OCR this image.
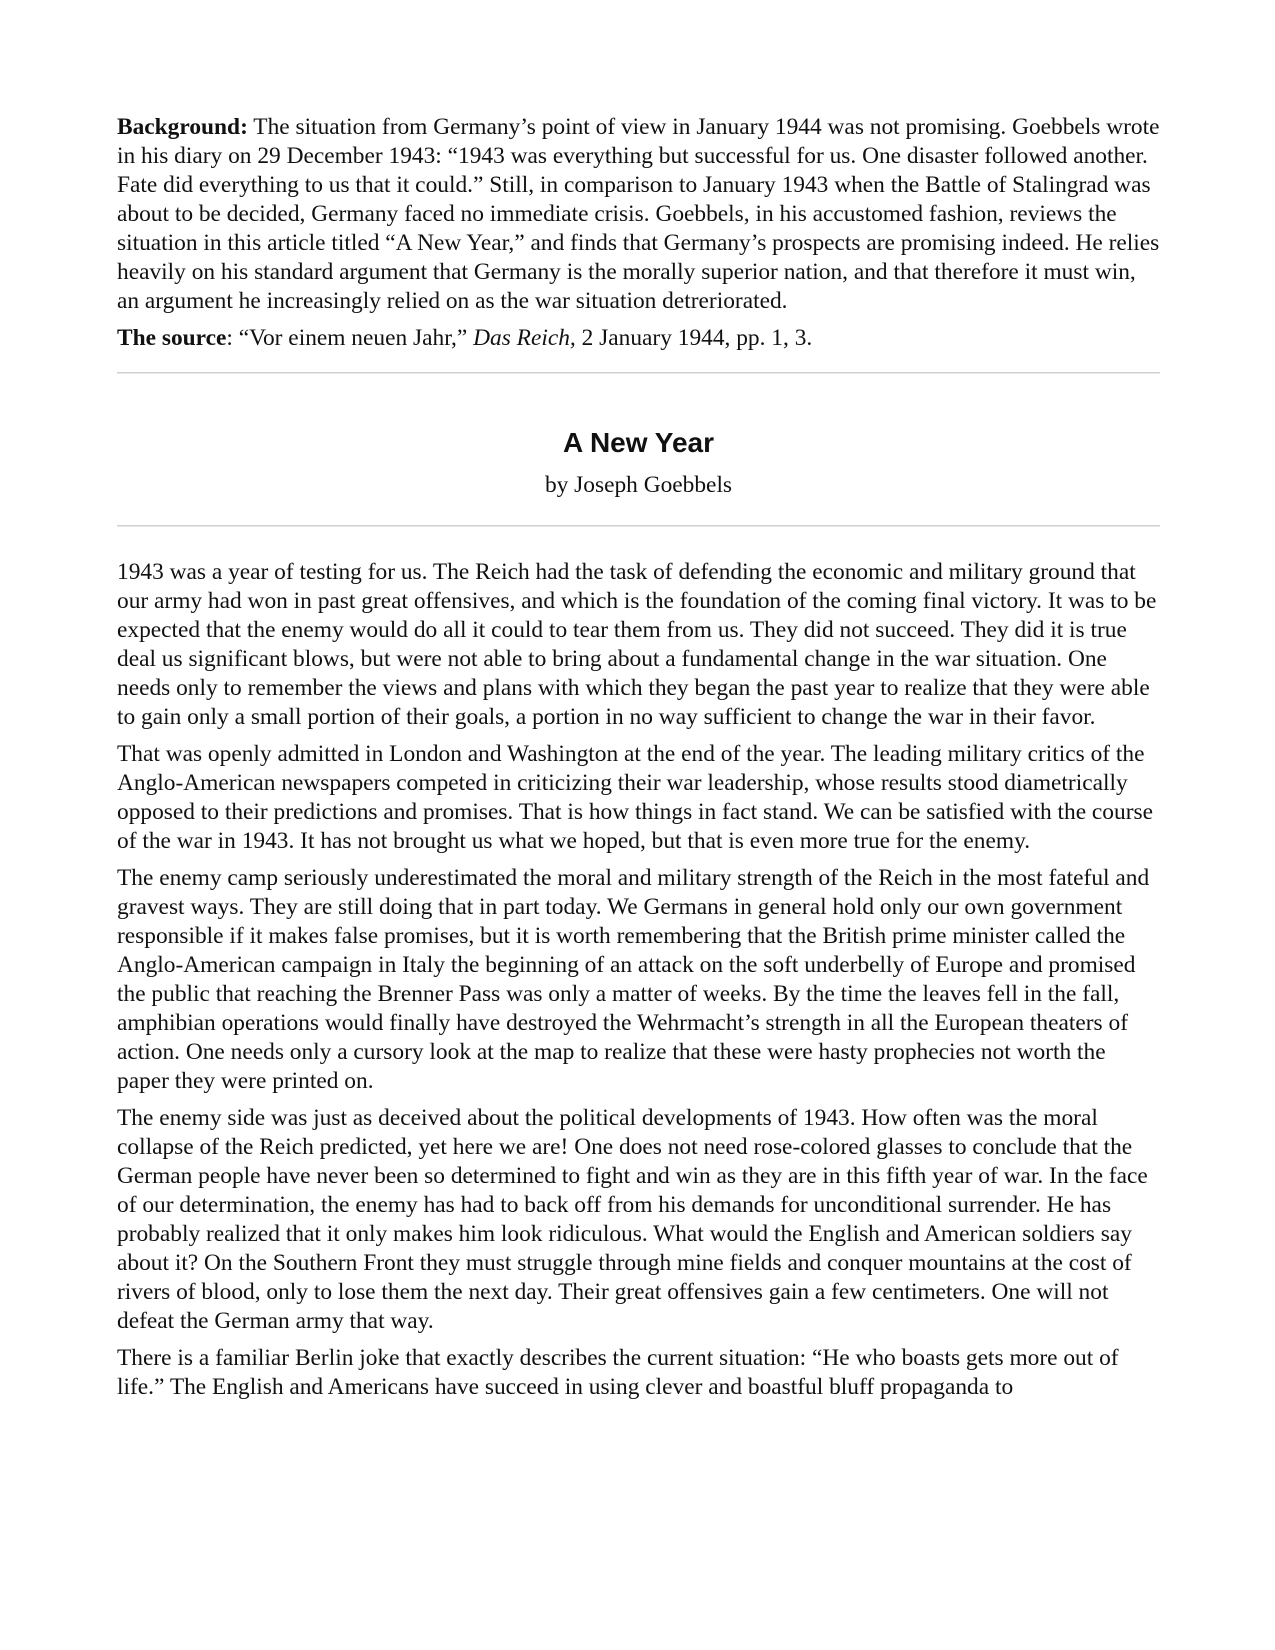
Background: The situation from Germany’s point of view in January 1944 was not promising. Goebbels wrote in his diary on 29 December 1943: “1943 was everything but successful for us. One disaster followed another. Fate did everything to us that it could.” Still, in comparison to January 1943 when the Battle of Stalingrad was about to be decided, Germany faced no immediate crisis. Goebbels, in his accustomed fashion, reviews the situation in this article titled “A New Year,” and finds that Germany’s prospects are promising indeed. He relies heavily on his standard argument that Germany is the morally superior nation, and that therefore it must win, an argument he increasingly relied on as the war situation detreriorated.

The source: “Vor einem neuen Jahr,” Das Reich, 2 January 1944, pp. 1, 3.

A New Year
by Joseph Goebbels

1943 was a year of testing for us. The Reich had the task of defending the economic and military ground that our army had won in past great offensives, and which is the foundation of the coming final victory. It was to be expected that the enemy would do all it could to tear them from us. They did not succeed. They did it is true deal us significant blows, but were not able to bring about a fundamental change in the war situation. One needs only to remember the views and plans with which they began the past year to realize that they were able to gain only a small portion of their goals, a portion in no way sufficient to change the war in their favor.

That was openly admitted in London and Washington at the end of the year. The leading military critics of the Anglo-American newspapers competed in criticizing their war leadership, whose results stood diametrically opposed to their predictions and promises. That is how things in fact stand. We can be satisfied with the course of the war in 1943. It has not brought us what we hoped, but that is even more true for the enemy.

The enemy camp seriously underestimated the moral and military strength of the Reich in the most fateful and gravest ways. They are still doing that in part today. We Germans in general hold only our own government responsible if it makes false promises, but it is worth remembering that the British prime minister called the Anglo-American campaign in Italy the beginning of an attack on the soft underbelly of Europe and promised the public that reaching the Brenner Pass was only a matter of weeks. By the time the leaves fell in the fall, amphibian operations would finally have destroyed the Wehrmacht’s strength in all the European theaters of action. One needs only a cursory look at the map to realize that these were hasty prophecies not worth the paper they were printed on.

The enemy side was just as deceived about the political developments of 1943. How often was the moral collapse of the Reich predicted, yet here we are! One does not need rose-colored glasses to conclude that the German people have never been so determined to fight and win as they are in this fifth year of war. In the face of our determination, the enemy has had to back off from his demands for unconditional surrender. He has probably realized that it only makes him look ridiculous. What would the English and American soldiers say about it? On the Southern Front they must struggle through mine fields and conquer mountains at the cost of rivers of blood, only to lose them the next day. Their great offensives gain a few centimeters. One will not defeat the German army that way.

There is a familiar Berlin joke that exactly describes the current situation: “He who boasts gets more out of life.” The English and Americans have succeed in using clever and boastful bluff propaganda to
